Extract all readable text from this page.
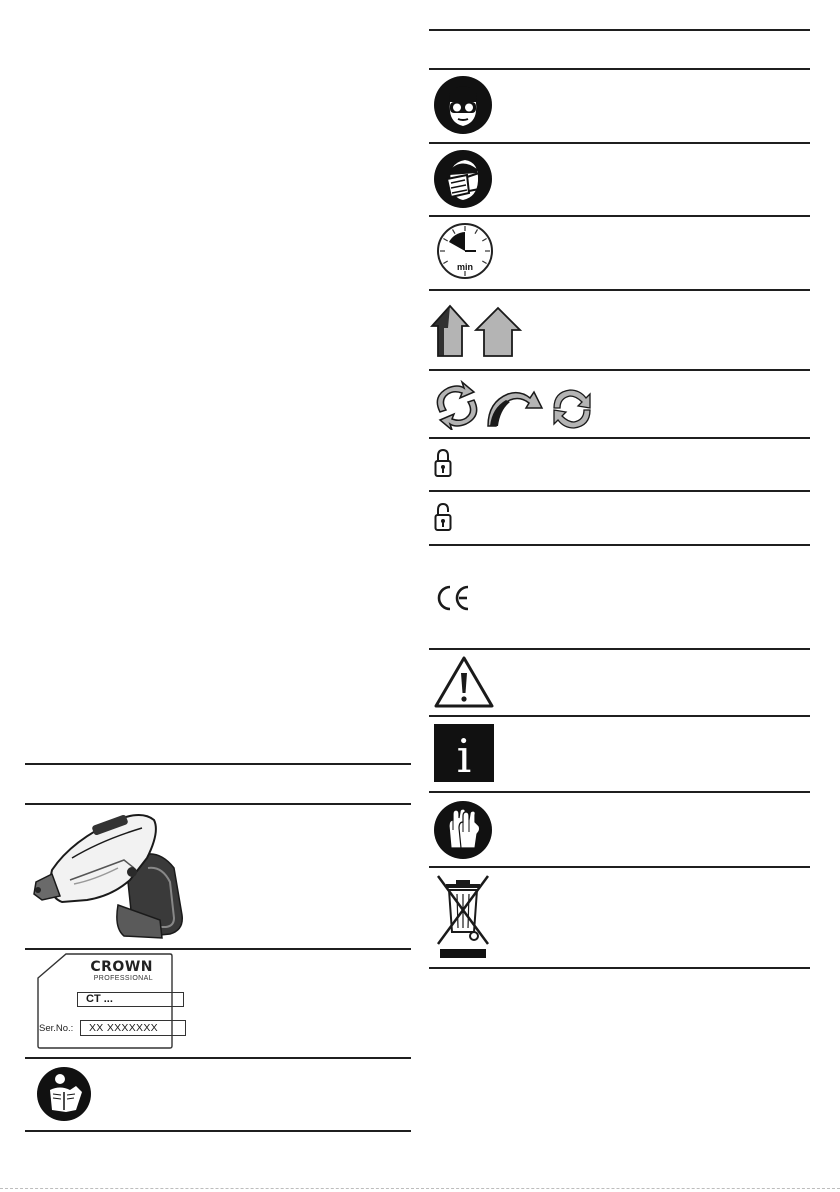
CROWN
PROFESSIONAL
CT ...
Ser.No.:	XX XXXXXXX
min
i
